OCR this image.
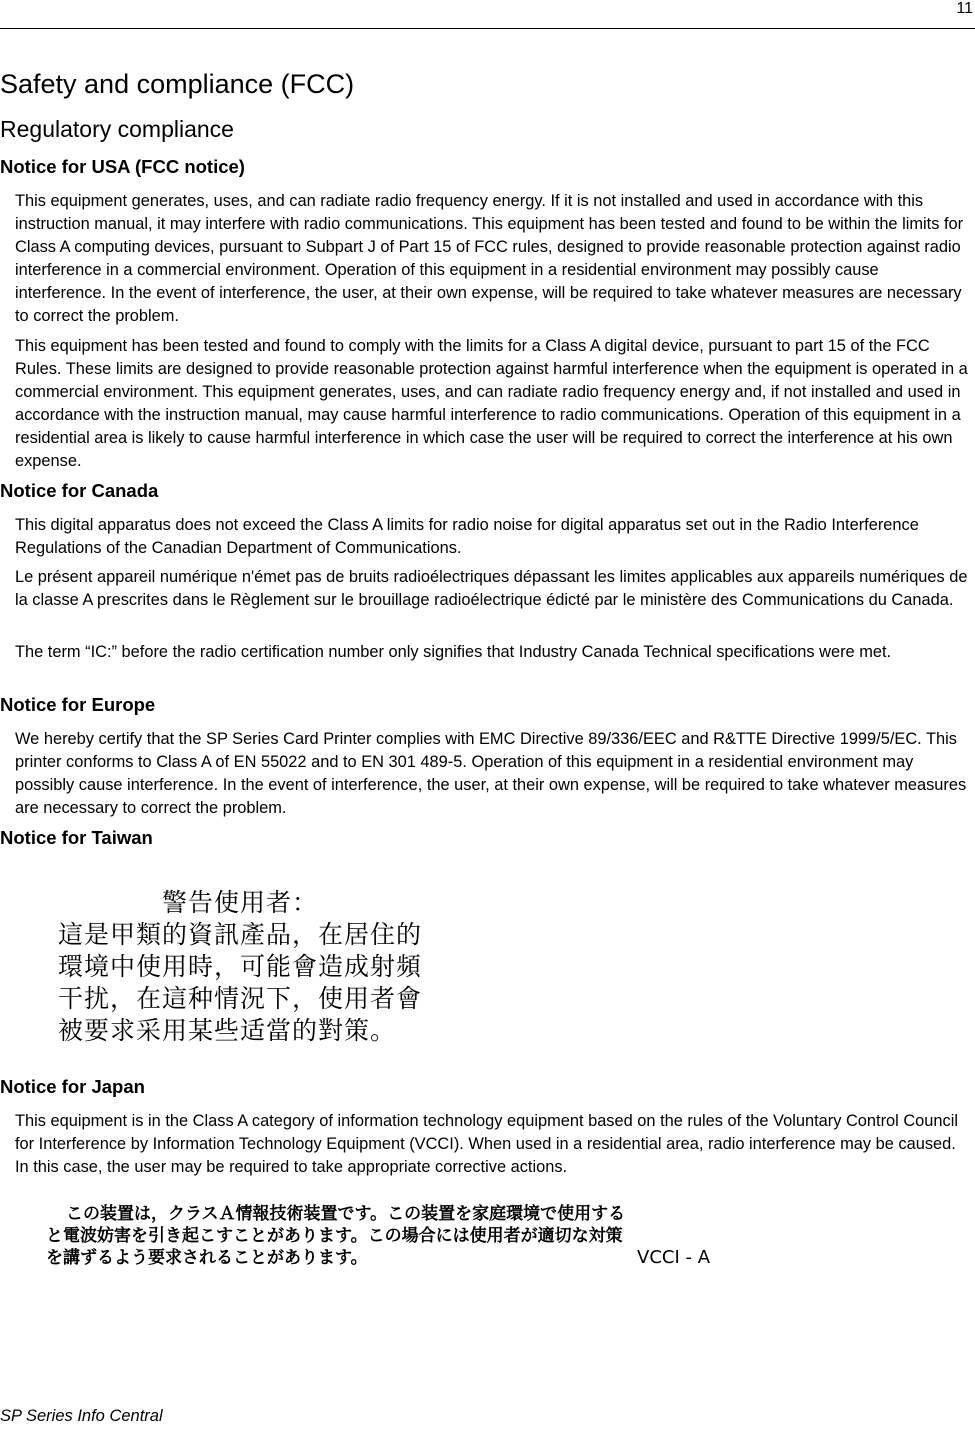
11
Safety and compliance (FCC)
Regulatory compliance
Notice for USA (FCC notice)

This equipment generates, uses, and can radiate radio frequency energy. If it is not installed and used in accordance with this instruction manual, it may interfere with radio communications. This equipment has been tested and found to be within the limits for Class A computing devices, pursuant to Subpart J of Part 15 of FCC rules, designed to provide reasonable protection against radio interference in a commercial environment. Operation of this equipment in a residential environment may possibly cause interference. In the event of interference, the user, at their own expense, will be required to take whatever measures are necessary to correct the problem.

This equipment has been tested and found to comply with the limits for a Class A digital device, pursuant to part 15 of the FCC Rules. These limits are designed to provide reasonable protection against harmful interference when the equipment is operated in a commercial environment. This equipment generates, uses, and can radiate radio frequency energy and, if not installed and used in accordance with the instruction manual, may cause harmful interference to radio communications. Operation of this equipment in a residential area is likely to cause harmful interference in which case the user will be required to correct the interference at his own expense.

Notice for Canada

This digital apparatus does not exceed the Class A limits for radio noise for digital apparatus set out in the Radio Interference Regulations of the Canadian Department of Communications.

Le présent appareil numérique n'émet pas de bruits radioélectriques dépassant les limites applicables aux appareils numériques de la classe A prescrites dans le Règlement sur le brouillage radioélectrique édicté par le ministère des Communications du Canada.

The term “IC:” before the radio certification number only signifies that Industry Canada Technical specifications were met.

Notice for Europe

We hereby certify that the SP Series Card Printer complies with EMC Directive 89/336/EEC and R&TTE Directive 1999/5/EC. This printer conforms to Class A of EN 55022 and to EN 301 489-5. Operation of this equipment in a residential environment may possibly cause interference. In the event of interference, the user, at their own expense, will be required to take whatever measures are necessary to correct the problem.

Notice for Taiwan
警告使用者：
這是甲類的資訊產品，在居住的
環境中使用時，可能會造成射頻
干扰，在這种情況下，使用者會
被要求采用某些适當的對策。
Notice for Japan

This equipment is in the Class A category of information technology equipment based on the rules of the Voluntary Control Council for Interference by Information Technology Equipment (VCCI). When used in a residential area, radio interference may be caused. In this case, the user may be required to take appropriate corrective actions.

この装置は，クラスＡ情報技術装置です。この装置を家庭環境で使用する
と電波妨害を引き起こすことがあります。この場合には使用者が適切な対策
を講ずるよう要求されることがあります。	VCCI - A
SP Series Info Central
